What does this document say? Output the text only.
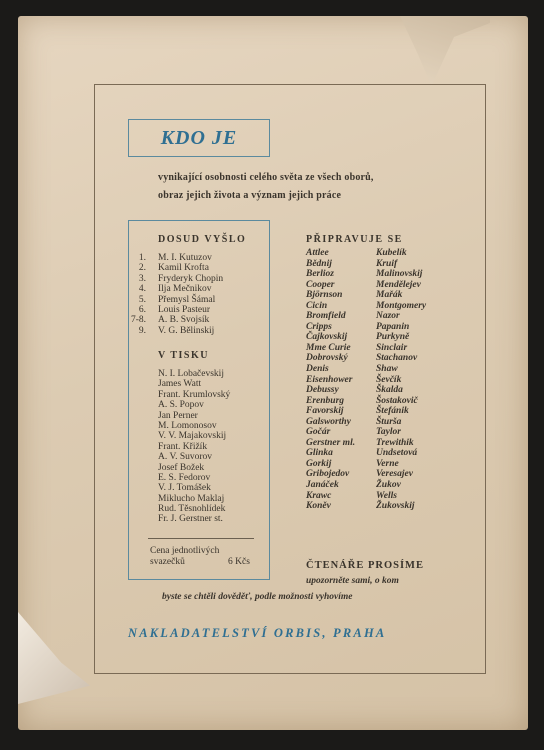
KDO JE
vynikající osobnosti celého světa ze všech oborů,
obraz jejich života a význam jejich práce
DOSUD VYŠLO
1.
2.
3.
4.
5.
6.
7-8.
9.
M. I. Kutuzov
Kamil Krofta
Fryderyk Chopin
Ilja Mečnikov
Přemysl Šámal
Louis Pasteur
A. B. Svojsík
V. G. Bělinskij
V TISKU
N. I. Lobačevskij
James Watt
Frant. Krumlovský
A. S. Popov
Jan Perner
M. Lomonosov
V. V. Majakovskij
Frant. Křižík
A. V. Suvorov
Josef Božek
E. S. Fedorov
V. J. Tomášek
Miklucho Maklaj
Rud. Těsnohlídek
Fr. J. Gerstner st.
Cena jednotlivých
svazečků	6 Kčs
PŘIPRAVUJE SE
Attlee
Bědnij
Berlioz
Cooper
Björnson
Cicin
Bromfield
Cripps
Čajkovskij
Mme Curie
Dobrovský
Denis
Eisenhower
Debussy
Erenburg
Favorskij
Galsworthy
Gočár
Gerstner ml.
Glinka
Gorkij
Gribojedov
Janáček
Krawc
Koněv
Kubelík
Kruif
Malinovskij
Mendělejev
Mařák
Montgomery
Nazor
Papanin
Purkyně
Sinclair
Stachanov
Shaw
Ševčík
Škalda
Šostakovič
Štefánik
Šturša
Taylor
Trewithik
Undsetová
Verne
Veresajev
Žukov
Wells
Žukovskij
ČTENÁŘE PROSÍME
upozorněte sami, o kom
byste se chtěli dověděť, podle možnosti vyhovíme
NAKLADATELSTVÍ ORBIS, PRAHA
